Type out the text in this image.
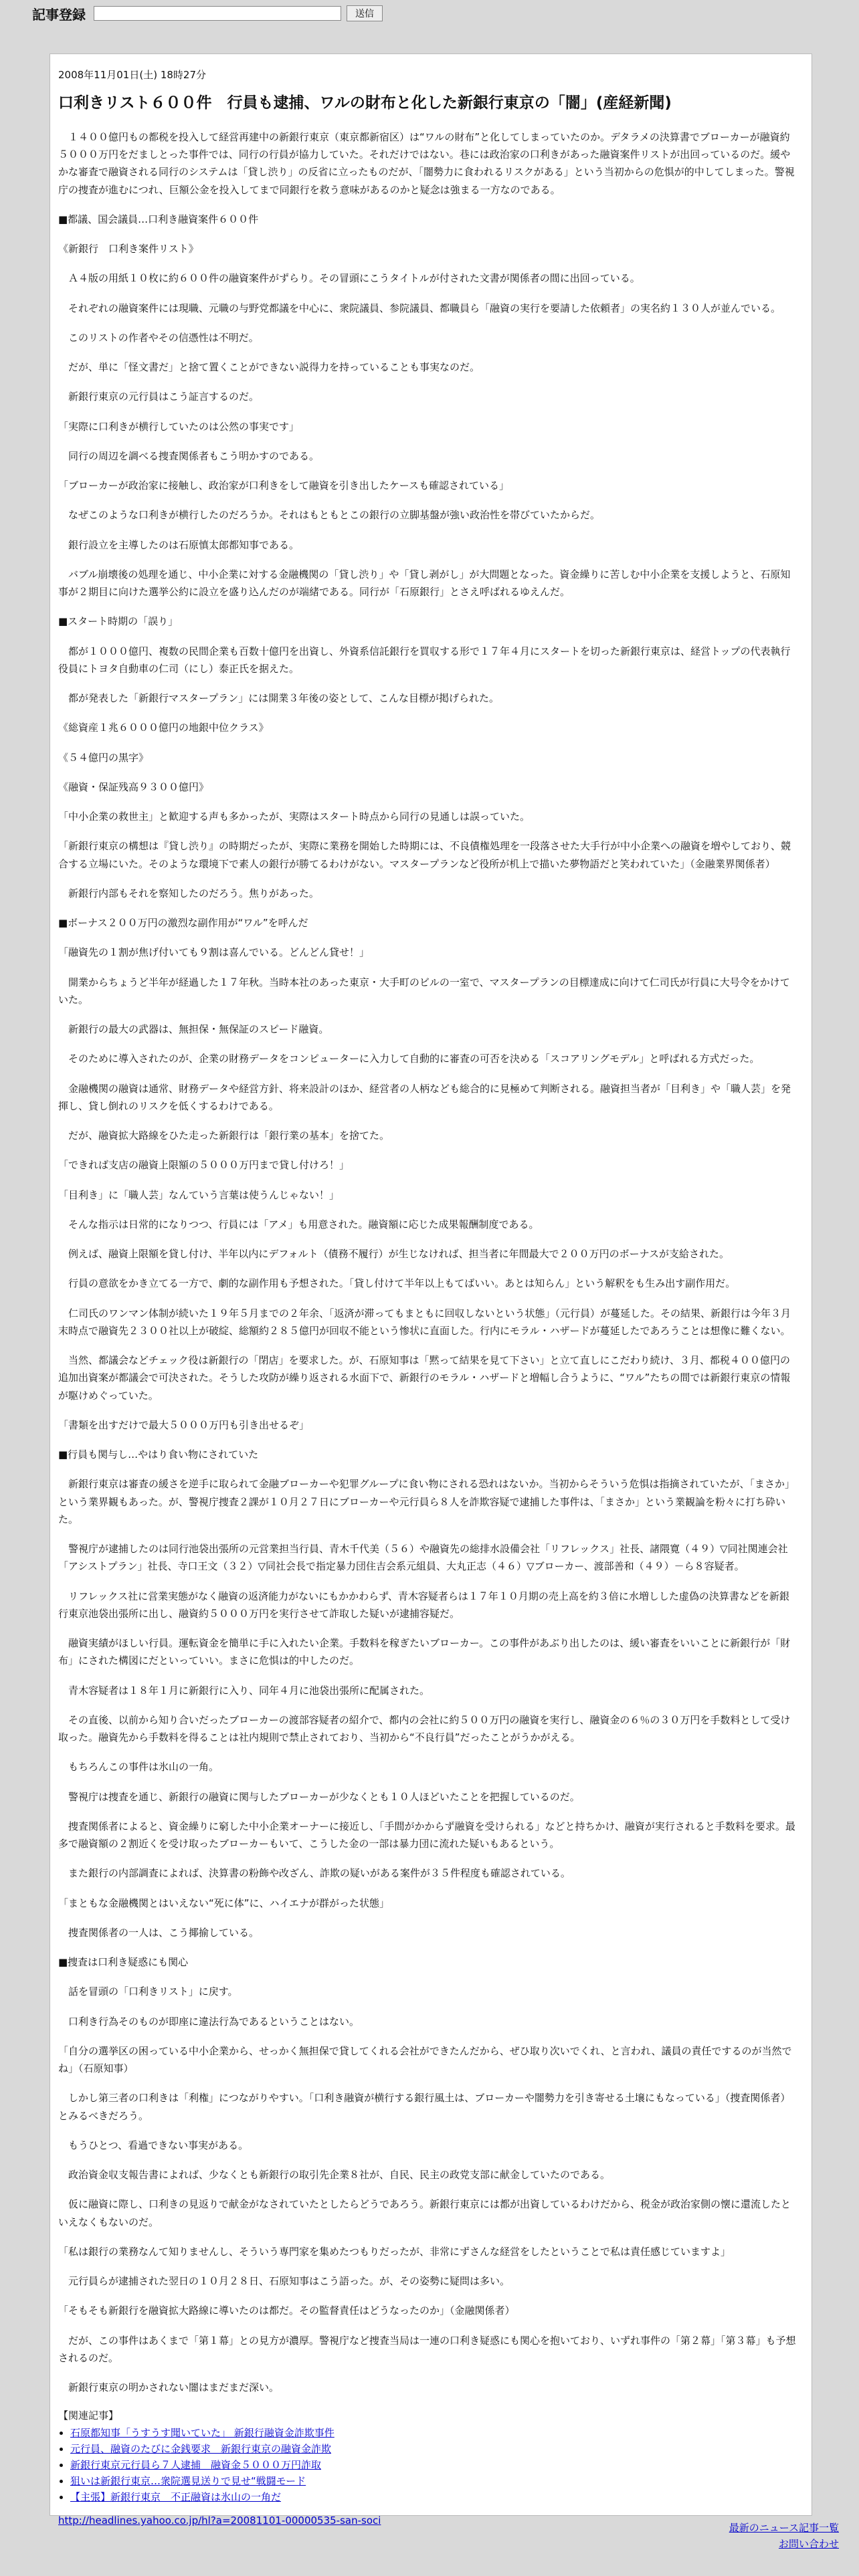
記事登録	送信
2008年11月01日(土) 18時27分
口利きリスト６００件　行員も逮捕、ワルの財布と化した新銀行東京の「闇」(産経新聞)

　１４００億円もの都税を投入して経営再建中の新銀行東京（東京都新宿区）は“ワルの財布”と化してしまっていたのか。デタラメの決算書でブローカーが融資約５０００万円をだましとった事件では、同行の行員が協力していた。それだけではない。巷には政治家の口利きがあった融資案件リストが出回っているのだ。緩やかな審査で融資される同行のシステムは「貸し渋り」の反省に立ったものだが、「闇勢力に食われるリスクがある」という当初からの危惧が的中してしまった。警視庁の捜査が進むにつれ、巨額公金を投入してまで同銀行を救う意味があるのかと疑念は強まる一方なのである。

■都議、国会議員…口利き融資案件６００件

《新銀行　口利き案件リスト》

　Ａ４版の用紙１０枚に約６００件の融資案件がずらり。その冒頭にこうタイトルが付された文書が関係者の間に出回っている。

　それぞれの融資案件には現職、元職の与野党都議を中心に、衆院議員、参院議員、都職員ら「融資の実行を要請した依頼者」の実名約１３０人が並んでいる。

　このリストの作者やその信憑性は不明だ。

　だが、単に「怪文書だ」と捨て置くことができない説得力を持っていることも事実なのだ。

　新銀行東京の元行員はこう証言するのだ。

「実際に口利きが横行していたのは公然の事実です」

　同行の周辺を調べる捜査関係者もこう明かすのである。

「ブローカーが政治家に接触し、政治家が口利きをして融資を引き出したケースも確認されている」

　なぜこのような口利きが横行したのだろうか。それはもともとこの銀行の立脚基盤が強い政治性を帯びていたからだ。

　銀行設立を主導したのは石原慎太郎都知事である。

　バブル崩壊後の処理を通じ、中小企業に対する金融機関の「貸し渋り」や「貸し剥がし」が大問題となった。資金繰りに苦しむ中小企業を支援しようと、石原知事が２期目に向けた選挙公約に設立を盛り込んだのが端緒である。同行が「石原銀行」とさえ呼ばれるゆえんだ。

■スタート時期の「誤り」

　都が１０００億円、複数の民間企業も百数十億円を出資し、外資系信託銀行を買収する形で１７年４月にスタートを切った新銀行東京は、経営トップの代表執行役員にトヨタ自動車の仁司（にし）泰正氏を据えた。

　都が発表した「新銀行マスタープラン」には開業３年後の姿として、こんな目標が掲げられた。

《総資産１兆６０００億円の地銀中位クラス》

《５４億円の黒字》

《融資・保証残高９３００億円》

「中小企業の救世主」と歓迎する声も多かったが、実際はスタート時点から同行の見通しは誤っていた。

「新銀行東京の構想は『貸し渋り』の時期だったが、実際に業務を開始した時期には、不良債権処理を一段落させた大手行が中小企業への融資を増やしており、競合する立場にいた。そのような環境下で素人の銀行が勝てるわけがない。マスタープランなど役所が机上で描いた夢物語だと笑われていた」（金融業界関係者）

　新銀行内部もそれを察知したのだろう。焦りがあった。

■ボーナス２００万円の激烈な副作用が“ワル”を呼んだ

「融資先の１割が焦げ付いても９割は喜んでいる。どんどん貸せ！」

　開業からちょうど半年が経過した１７年秋。当時本社のあった東京・大手町のビルの一室で、マスタープランの目標達成に向けて仁司氏が行員に大号令をかけていた。

　新銀行の最大の武器は、無担保・無保証のスピード融資。

　そのために導入されたのが、企業の財務データをコンピューターに入力して自動的に審査の可否を決める「スコアリングモデル」と呼ばれる方式だった。

　金融機関の融資は通常、財務データや経営方針、将来設計のほか、経営者の人柄なども総合的に見極めて判断される。融資担当者が「目利き」や「職人芸」を発揮し、貸し倒れのリスクを低くするわけである。

　だが、融資拡大路線をひた走った新銀行は「銀行業の基本」を捨てた。

「できれば支店の融資上限額の５０００万円まで貸し付けろ！」

「目利き」に「職人芸」なんていう言葉は使うんじゃない！」

　そんな指示は日常的になりつつ、行員には「アメ」も用意された。融資額に応じた成果報酬制度である。

　例えば、融資上限額を貸し付け、半年以内にデフォルト（債務不履行）が生じなければ、担当者に年間最大で２００万円のボーナスが支給された。

　行員の意欲をかき立てる一方で、劇的な副作用も予想された。「貸し付けて半年以上もてばいい。あとは知らん」という解釈をも生み出す副作用だ。

　仁司氏のワンマン体制が続いた１９年５月までの２年余、「返済が滞ってもまともに回収しないという状態」（元行員）が蔓延した。その結果、新銀行は今年３月末時点で融資先２３００社以上が破綻、総額約２８５億円が回収不能という惨状に直面した。行内にモラル・ハザードが蔓延したであろうことは想像に難くない。

　当然、都議会などチェック役は新銀行の「閉店」を要求した。が、石原知事は「黙って結果を見て下さい」と立て直しにこだわり続け、３月、都税４００億円の追加出資案が都議会で可決された。そうした攻防が繰り返される水面下で、新銀行のモラル・ハザードと増幅し合うように、“ワル”たちの間では新銀行東京の情報が駆けめぐっていた。

「書類を出すだけで最大５０００万円も引き出せるぞ」

■行員も関与し…やはり食い物にされていた

　新銀行東京は審査の緩さを逆手に取られて金融ブローカーや犯罪グループに食い物にされる恐れはないか。当初からそういう危惧は指摘されていたが、「まさか」という業界観もあった。が、警視庁捜査２課が１０月２７日にブローカーや元行員ら８人を詐欺容疑で逮捕した事件は、「まさか」という業観論を粉々に打ち砕いた。

　警視庁が逮捕したのは同行池袋出張所の元営業担当行員、青木千代美（５６）や融資先の総排水設備会社「リフレックス」社長、諸隈寛（４９）▽同社関連会社「アシストプラン」社長、寺口王文（３２）▽同社会長で指定暴力団住吉会系元組員、大丸正志（４６）▽ブローカー、渡部善和（４９）－ら８容疑者。

　リフレックス社に営業実態がなく融資の返済能力がないにもかかわらず、青木容疑者らは１７年１０月期の売上高を約３倍に水増しした虚偽の決算書などを新銀行東京池袋出張所に出し、融資約５０００万円を実行させて詐取した疑いが逮捕容疑だ。

　融資実績がほしい行員。運転資金を簡単に手に入れたい企業。手数料を稼ぎたいブローカー。この事件があぶり出したのは、緩い審査をいいことに新銀行が「財布」にされた構図にだといっていい。まさに危惧は的中したのだ。

　青木容疑者は１８年１月に新銀行に入り、同年４月に池袋出張所に配属された。

　その直後、以前から知り合いだったブローカーの渡部容疑者の紹介で、都内の会社に約５００万円の融資を実行し、融資金の６％の３０万円を手数料として受け取った。融資先から手数料を得ることは社内規則で禁止されており、当初から“不良行員”だったことがうかがえる。

　もちろんこの事件は氷山の一角。

　警視庁は捜査を通じ、新銀行の融資に関与したブローカーが少なくとも１０人ほどいたことを把握しているのだ。

　捜査関係者によると、資金繰りに窮した中小企業オーナーに接近し、「手間がかからず融資を受けられる」などと持ちかけ、融資が実行されると手数料を要求。最多で融資額の２割近くを受け取ったブローカーもいて、こうした金の一部は暴力団に流れた疑いもあるという。

　また銀行の内部調査によれば、決算書の粉飾や改ざん、詐欺の疑いがある案件が３５件程度も確認されている。

「まともな金融機関とはいえない“死に体”に、ハイエナが群がった状態」

　捜査関係者の一人は、こう揶揄している。

■捜査は口利き疑惑にも関心

　話を冒頭の「口利きリスト」に戻す。

　口利き行為そのものが即座に違法行為であるということはない。

「自分の選挙区の困っている中小企業から、せっかく無担保で貸してくれる会社ができたんだから、ぜひ取り次いでくれ、と言われ、議員の責任でするのが当然でね」（石原知事）

　しかし第三者の口利きは「利権」につながりやすい。「口利き融資が横行する銀行風土は、ブローカーや闇勢力を引き寄せる土壌にもなっている」（捜査関係者）とみるべきだろう。

　もうひとつ、看過できない事実がある。

　政治資金収支報告書によれば、少なくとも新銀行の取引先企業８社が、自民、民主の政党支部に献金していたのである。

　仮に融資に際し、口利きの見返りで献金がなされていたとしたらどうであろう。新銀行東京には都が出資しているわけだから、税金が政治家側の懐に還流したといえなくもないのだ。

「私は銀行の業務なんて知りませんし、そういう専門家を集めたつもりだったが、非常にずさんな経営をしたということで私は責任感じていますよ」

　元行員らが逮捕された翌日の１０月２８日、石原知事はこう語った。が、その姿勢に疑問は多い。

「そもそも新銀行を融資拡大路線に導いたのは都だ。その監督責任はどうなったのか」（金融関係者）

　だが、この事件はあくまで「第１幕」との見方が濃厚。警視庁など捜査当局は一連の口利き疑惑にも関心を抱いており、いずれ事件の「第２幕」「第３幕」も予想されるのだ。

　新銀行東京の明かされない闇はまだまだ深い。

【関連記事】
• 石原都知事「うすうす聞いていた」 新銀行融資金詐欺事件
• 元行員、融資のたびに金銭要求　新銀行東京の融資金詐欺
• 新銀行東京元行員ら７人逮捕　融資金５０００万円詐取
• 狙いは新銀行東京…衆院選見送りで見せ“戦闘モード
• 【主張】新銀行東京　不正融資は氷山の一角だ
http://headlines.yahoo.co.jp/hl?a=20081101-00000535-san-soci
最新のニュース記事一覧
お問い合わせ
